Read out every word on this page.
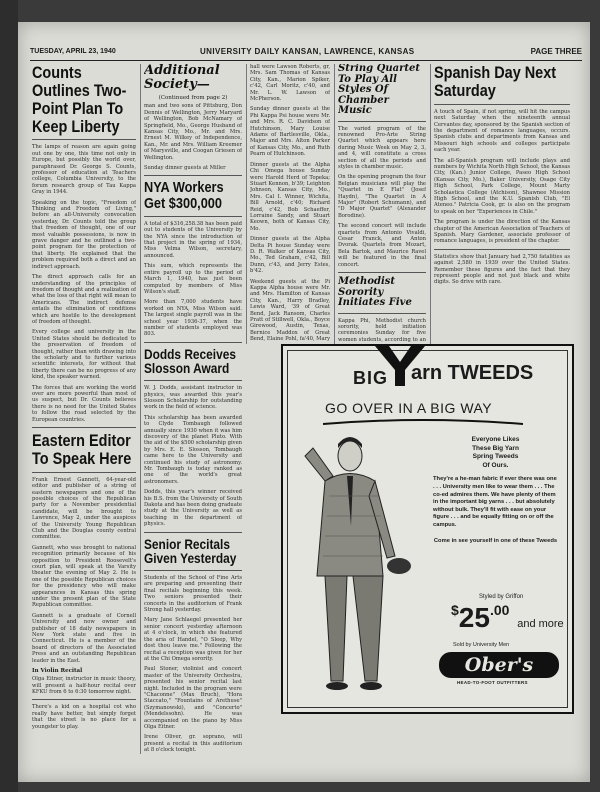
TUESDAY, APRIL 23, 1940	UNIVERSITY DAILY KANSAN, LAWRENCE, KANSAS	PAGE THREE
Counts Outlines Two-Point Plan To Keep Liberty

The lamps of reason are again going out one by one, this time not only in Europe, but possibly the world over, paraphrased Dr. George S. Counts, professor of education at Teachers college, Columbia University, to the forum research group of Tau Kappa Gray in 1944.

Speaking on the topic, "Freedom of Thinking and Freedom of Living," before an all-University convocation yesterday, Dr. Counts told the group that freedom of thought, one of our most valuable possessions, is now in grave danger and he outlined a two-point program for the protection of that liberty. He explained that the problem required both a direct and an indirect approach.

The direct approach calls for an understanding of the principles of freedom of thought and a realization of what the loss of that right will mean to Americans. The indirect defense entails the elimination of conditions which are hostile to the development of freedom of thought.

Every college and university in the United States should be dedicated to the preservation of freedom of thought, rather than with drawing into the scholarly and to further various scientific interests, for without that liberty there can be no progress of any kind, the speaker warned.

The forces that are working the world over are more powerful than most of us suspect, but Dr. Counts believes there is no need for the United States to follow the road selected by the European countries.

Eastern Editor To Speak Here

Frank Ernest Gannett, 64-year-old editor and publisher of a string of eastern newspapers and one of the possible choices of the Republican party for a November presidential candidate, will be brought to Lawrence, May 2, under the auspices of the University Young Republican Club and the Douglas county central committee.

Gannett, who was brought to national recognition primarily because of his opposition to President Roosevelt's court plan, will speak at the Varsity theater the evening of May 2. He is one of the possible Republican choices for the presidency who will make appearances in Kansas this spring under the present plan of the State Republican committee.

Gannett is a graduate of Cornell University and now owner and publisher of 18 daily newspapers in New York state and five in Connecticut. He is a member of the board of directors of the Associated Press and an outstanding Republican leader in the East.

In Violin Recital

Olga Eitner, instructor in music theory, will present a half-hour recital over KFKU from 6 to 6:30 tomorrow night.

There's a kid on a hospital cot who really have better, but simply forget that the street is no place for a youngster to play.

Additional Society—
(Continued from page 2)

man and two sons of Pittsburg, Don Dennis of Wellington, Jerry Maryard of Wellington, Bob McNamary of Springfield, Mo., George Husband of Kansas City, Mo., Mr. and Mrs. Ernest M. Wilkey of Independence, Kan., Mr. and Mrs. William Kreemer of Marysville, and Coogan Griesen of Wellington.

Sunday dinner guests at Miller

NYA Workers Get $300,000

A total of $316,258.38 has been paid out to students of the University by the NYA since the introduction of that project in the spring of 1934, Miss Velma Wilson, secretary, announced.

This sum, which represents the entire payroll up to the period of March 1, 1940, has just been computed by members of Miss Wilson's staff.

More than 7,000 students have worked on NYA, Miss Wilson said. The largest single payroll was in the school year 1936-37, when the number of students employed was 803.

Dodds Receives Slosson Award

W. J. Dodds, assistant instructor in physics, was awarded this year's Slosson Scholarship for outstanding work in the field of science.

This scholarship has been awarded to Clyde Tombaugh followed annually since 1930 when it was him discovery of the planet Pluto. With the aid of the $500 scholarship given by Mrs. E. E. Slosson, Tombaugh came here to the University and continued his study of astronomy. Mr. Tombaugh is today ranked as one of the world's great astronomers.

Dodds, this year's winner received his B.S. from the University of South Dakota and has been doing graduate study at the University as well as teaching in the department of physics.

Senior Recitals Given Yesterday

Students of the School of Fine Arts are preparing and presenting their final recitals beginning this week. Two seniors presented their concerts in the auditorium of Frank Strong hall yesterday.

Mary Jane Schlaegel presented her senior concert yesterday afternoon at 4 o'clock, in which she featured the aria of Handel, "O Sleep, Why dost thou leave me." Following the recital a reception was given for her at the Chi Omega sorority.

Paul Stoner, violinist and concert master of the University Orchestra, presented his senior recital last night. Included in the program were "Chaconne" (Max Bruch), "Hora Staccato," "Fountains of Arethuse" (Szymanowski), and "Concerto" (Mendelssohn). He was accompanied on the piano by Miss Olga Eitner.

Irene Oliver, gr. soprano, will present a recital in this auditorium at 8 o'clock tonight.

hall were Lawson Roberts, gr, Mrs. Sam Thomas of Kansas City, Kan., Marion Spiker, c'42, Carl Moritz, c'40, and Mr. L. W. Lawson of McPherson.

Sunday dinner guests at the Phi Kappa Psi house were Mr. and Mrs. R. C. Davidson of Hutchinson, Mary Louise Adams of Bartlesville, Okla., Major and Mrs. Alton Parker of Kansas City, Mo., and Ruth Pearn of Hutchinson.

Dinner guests at the Alpha Chi Omega house Sunday were Harold Herd of Topeka; Stuart Kennon, b'39; Leighton Johnson, Kansas City, Mo., Mrs. Cal I. Winner, Wichita, Bill Arnold, c'40; Richard Reid, c'42, Bob Schaeffer, Lorraine Sandy, and Stuart Keown, both of Kansas City, Mo.

Dinner guests at the Alpha Delta Pi house Sunday were D. R. Walker of Kansas City, Mo., Ted Graham, c'42, Bill Dunn, c'43, and Jerry Estes, b'42.

Weekend guests at the Pi Kappa Alpha house were Mr. and Mrs. Hamilton of Kansas City, Kan., Harry Bradley, Lewis Ward, '39 of Great Bend, Jack Ransom, Charles Pratt of Stillwell, Okla., Boyce Girewood, Austin, Texas, Bernice Maddox of Great Bend, Elaine Pohl, fa'40, Mary

String Quartet To Play All Styles Of Chamber Music

The varied program of the renowned Pro-Arte String Quartet which appears here during Music Week on May 2, 3, and 4, will constitute a cross section of all the periods and styles in chamber music.

On the opening program the four Belgian musicians will play the "Quartet in E Flat" (Josef Haydn), "The Quartet in A Major" (Robert Schumann), and "D Major Quartet" (Alexander Borodine).

The second concert will include quartets from Antonio Vivaldi, Cesar Franck, and Anton Dvorak. Quartets from Mozart, Bela Bartok, and Maurice Ravel will be featured in the final concert.

Methodist Sorority Initiates Five

Kappa Phi, Methodist church sorority, held initiation ceremonies Sunday for five women students, according to an

Spanish Day Next Saturday

A touch of Spain, if not spring, will hit the campus next Saturday when the nineteenth annual Cervantes day, sponsored by the Spanish section of the department of romance languages, occurs. Spanish clubs and departments from Kansas and Missouri high schools and colleges participate each year.

The all-Spanish program will include plays and numbers by Wichita North High School, the Kansas City, (Kan.) Junior College, Paseo High School (Kansas City, Mo.), Baker University, Osage City High School, Park College, Mount Marty Scholastica College (Atchison), Shawnee Mission High School, and the K.U. Spanish Club, "El Ateneo." Patricia Cook, gr. is also on the program to speak on her "Experiences in Chile."

The program is under the direction of the Kansas chapter of the American Association of Teachers of Spanish. Mary Gardener, associate professor of romance languages, is president of the chapter.

Statistics show that January had 2,750 fatalities as against 2,580 in 1939 over the United States. Remember these figures and the fact that they represent people and not just black and white digits. So drive with care.

BIG arn TWEEDS
GO OVER IN A BIG WAY
Everyone Likes
These Big Yarn
Spring Tweeds
Of Ours.
They're a he-man fabric if ever there was one . . . University men like to wear them . . . The co-ed admires them. We have plenty of them in the important big yarns . . . but absolutely without bulk. They'll fit with ease on your figure . . . and be equally fitting on or off the campus.
Come in see yourself in one of these Tweeds
Styled by Griffon
$^{\$}25^{.00}$ and more
Sold by University Men
Ober's
HEAD-TO-FOOT OUTFITTERS
